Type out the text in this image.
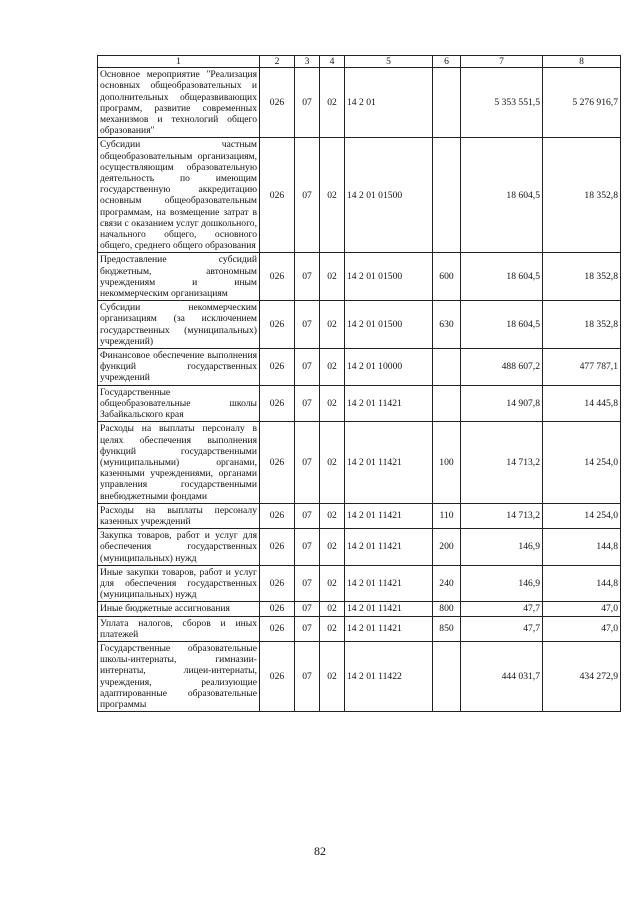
1	2	3	4	5	6	7	8
Основное мероприятие "Реализация основных общеобразовательных и дополнительных общеразвивающих программ, развитие современных механизмов и технологий общего образования"	026	07	02	14 2 01		5 353 551,5	5 276 916,7
Субсидии частным общеобразовательным организациям, осуществляющим образовательную деятельность по имеющим государственную аккредитацию основным общеобразовательным программам, на возмещение затрат в связи с оказанием услуг дошкольного, начального общего, основного общего, среднего общего образования	026	07	02	14 2 01 01500		18 604,5	18 352,8
Предоставление субсидий бюджетным, автономным учреждениям и иным некоммерческим организациям	026	07	02	14 2 01 01500	600	18 604,5	18 352,8
Субсидии некоммерческим организациям (за исключением государственных (муниципальных) учреждений)	026	07	02	14 2 01 01500	630	18 604,5	18 352,8
Финансовое обеспечение выполнения функций государственных учреждений	026	07	02	14 2 01 10000		488 607,2	477 787,1
Государственные общеобразовательные школы Забайкальского края	026	07	02	14 2 01 11421		14 907,8	14 445,8
Расходы на выплаты персоналу в целях обеспечения выполнения функций государственными (муниципальными) органами, казенными учреждениями, органами управления государственными внебюджетными фондами	026	07	02	14 2 01 11421	100	14 713,2	14 254,0
Расходы на выплаты персоналу казенных учреждений	026	07	02	14 2 01 11421	110	14 713,2	14 254,0
Закупка товаров, работ и услуг для обеспечения государственных (муниципальных) нужд	026	07	02	14 2 01 11421	200	146,9	144,8
Иные закупки товаров, работ и услуг для обеспечения государственных (муниципальных) нужд	026	07	02	14 2 01 11421	240	146,9	144,8
Иные бюджетные ассигнования	026	07	02	14 2 01 11421	800	47,7	47,0
Уплата налогов, сборов и иных платежей	026	07	02	14 2 01 11421	850	47,7	47,0
Государственные образовательные школы-интернаты, гимназии-интернаты, лицеи-интернаты, учреждения, реализующие адаптированные образовательные программы	026	07	02	14 2 01 11422		444 031,7	434 272,9
82
